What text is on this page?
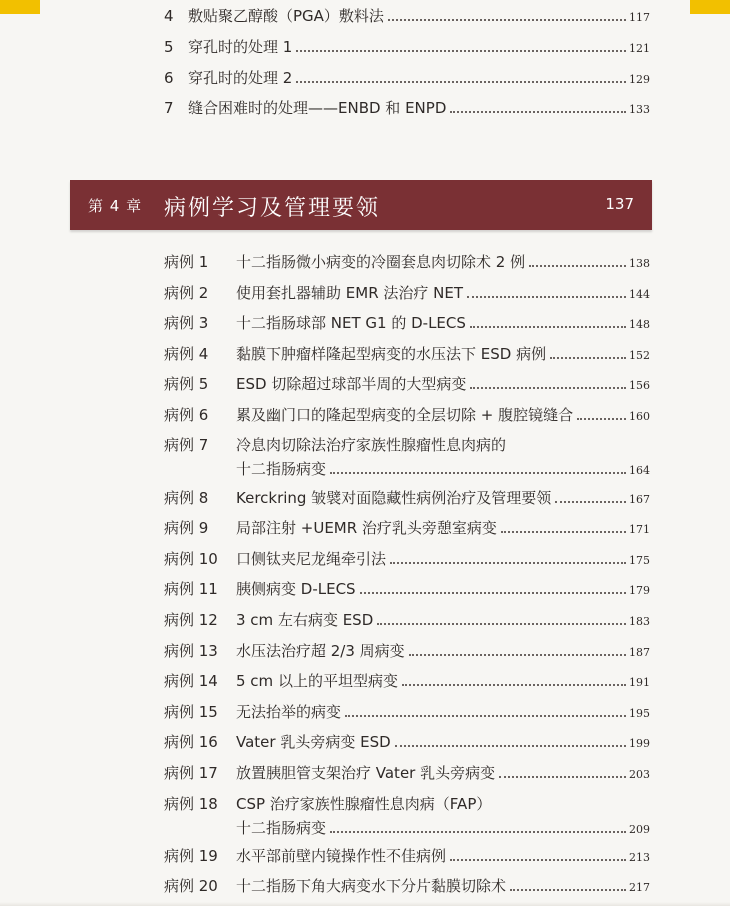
4 敷贴聚乙醇酸（PGA）敷料法	117
5 穿孔时的处理 1	121
6 穿孔时的处理 2	129
7 缝合困难时的处理——ENBD 和 ENPD	133
第 4 章 病例学习及管理要领	137
病例 1 十二指肠微小病变的冷圈套息肉切除术 2 例	138
病例 2 使用套扎器辅助 EMR 法治疗 NET	144
病例 3 十二指肠球部 NET G1 的 D-LECS	148
病例 4 黏膜下肿瘤样隆起型病变的水压法下 ESD 病例	152
病例 5 ESD 切除超过球部半周的大型病变	156
病例 6 累及幽门口的隆起型病变的全层切除 + 腹腔镜缝合	160
病例 7 冷息肉切除法治疗家族性腺瘤性息肉病的
十二指肠病变	164
病例 8 Kerckring 皱襞对面隐藏性病例治疗及管理要领	167
病例 9 局部注射 +UEMR 治疗乳头旁憩室病变	171
病例 10 口侧钛夹尼龙绳牵引法	175
病例 11 胰侧病变 D-LECS	179
病例 12 3 cm 左右病变 ESD	183
病例 13 水压法治疗超 2/3 周病变	187
病例 14 5 cm 以上的平坦型病变	191
病例 15 无法抬举的病变	195
病例 16 Vater 乳头旁病变 ESD	199
病例 17 放置胰胆管支架治疗 Vater 乳头旁病变	203
病例 18 CSP 治疗家族性腺瘤性息肉病（FAP）
十二指肠病变	209
病例 19 水平部前壁内镜操作性不佳病例	213
病例 20 十二指肠下角大病变水下分片黏膜切除术	217
